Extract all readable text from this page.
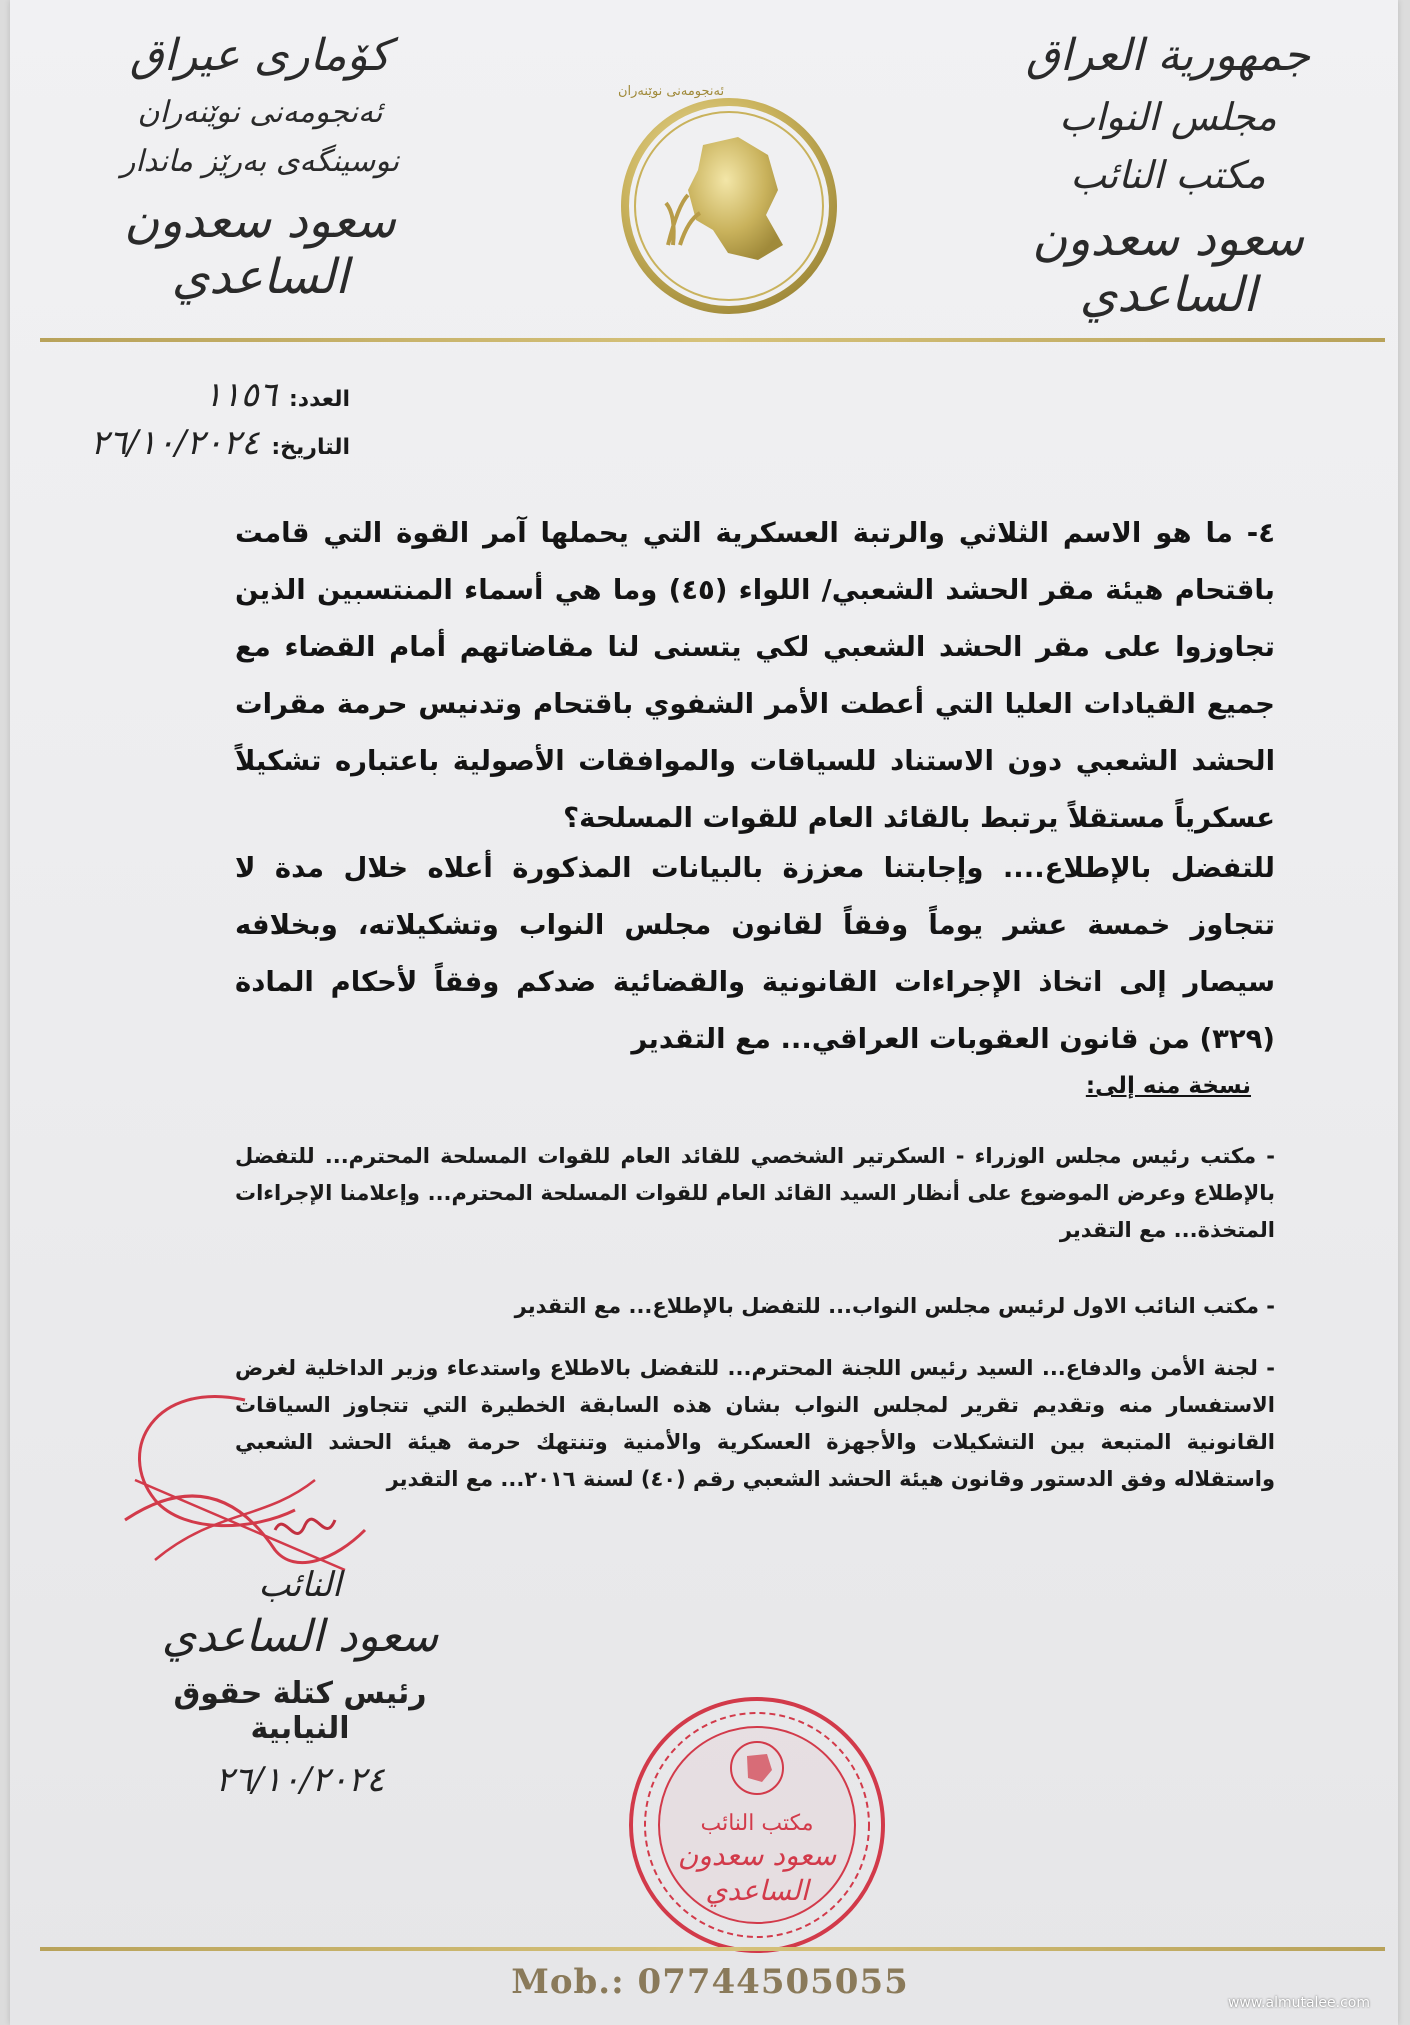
جمهورية العراق
مجلس النواب
مكتب النائب
سعود سعدون الساعدي
كۆماری عیراق
ئەنجومەنی نوێنەران
نوسینگەی بەرێز ماندار
سعود سعدون الساعدي
ئەنجومەنی نوێنەران
العدد:
١١٥٦
التاريخ:
٢٦/١٠/٢٠٢٤
٤- ما هو الاسم الثلاثي والرتبة العسكرية التي يحملها آمر القوة التي قامت باقتحام هيئة مقر الحشد الشعبي/ اللواء (٤٥) وما هي أسماء المنتسبين الذين تجاوزوا على مقر الحشد الشعبي لكي يتسنى لنا مقاضاتهم أمام القضاء مع جميع القيادات العليا التي أعطت الأمر الشفوي باقتحام وتدنيس حرمة مقرات الحشد الشعبي دون الاستناد للسياقات والموافقات الأصولية باعتباره تشكيلاً عسكرياً مستقلاً يرتبط بالقائد العام للقوات المسلحة؟
للتفضل بالإطلاع.... وإجابتنا معززة بالبيانات المذكورة أعلاه خلال مدة لا تتجاوز خمسة عشر يوماً وفقاً لقانون مجلس النواب وتشكيلاته، وبخلافه سيصار إلى اتخاذ الإجراءات القانونية والقضائية ضدكم وفقاً لأحكام المادة (٣٢٩) من قانون العقوبات العراقي... مع التقدير
نسخة منه إلى:
- مكتب رئيس مجلس الوزراء - السكرتير الشخصي للقائد العام للقوات المسلحة المحترم... للتفضل بالإطلاع وعرض الموضوع على أنظار السيد القائد العام للقوات المسلحة المحترم... وإعلامنا الإجراءات المتخذة... مع التقدير
- مكتب النائب الاول لرئيس مجلس النواب... للتفضل بالإطلاع... مع التقدير
- لجنة الأمن والدفاع... السيد رئيس اللجنة المحترم... للتفضل بالاطلاع واستدعاء وزير الداخلية لغرض الاستفسار منه وتقديم تقرير لمجلس النواب بشان هذه السابقة الخطيرة التي تتجاوز السياقات القانونية المتبعة بين التشكيلات والأجهزة العسكرية والأمنية وتنتهك حرمة هيئة الحشد الشعبي واستقلاله وفق الدستور وقانون هيئة الحشد الشعبي رقم (٤٠) لسنة ٢٠١٦... مع التقدير
النائب
سعود الساعدي
رئيس كتلة حقوق النيابية
٢٦/١٠/٢٠٢٤
مكتب النائب
سعود سعدون
الساعدي
Mob.: 07744505055
www.almutalee.com
